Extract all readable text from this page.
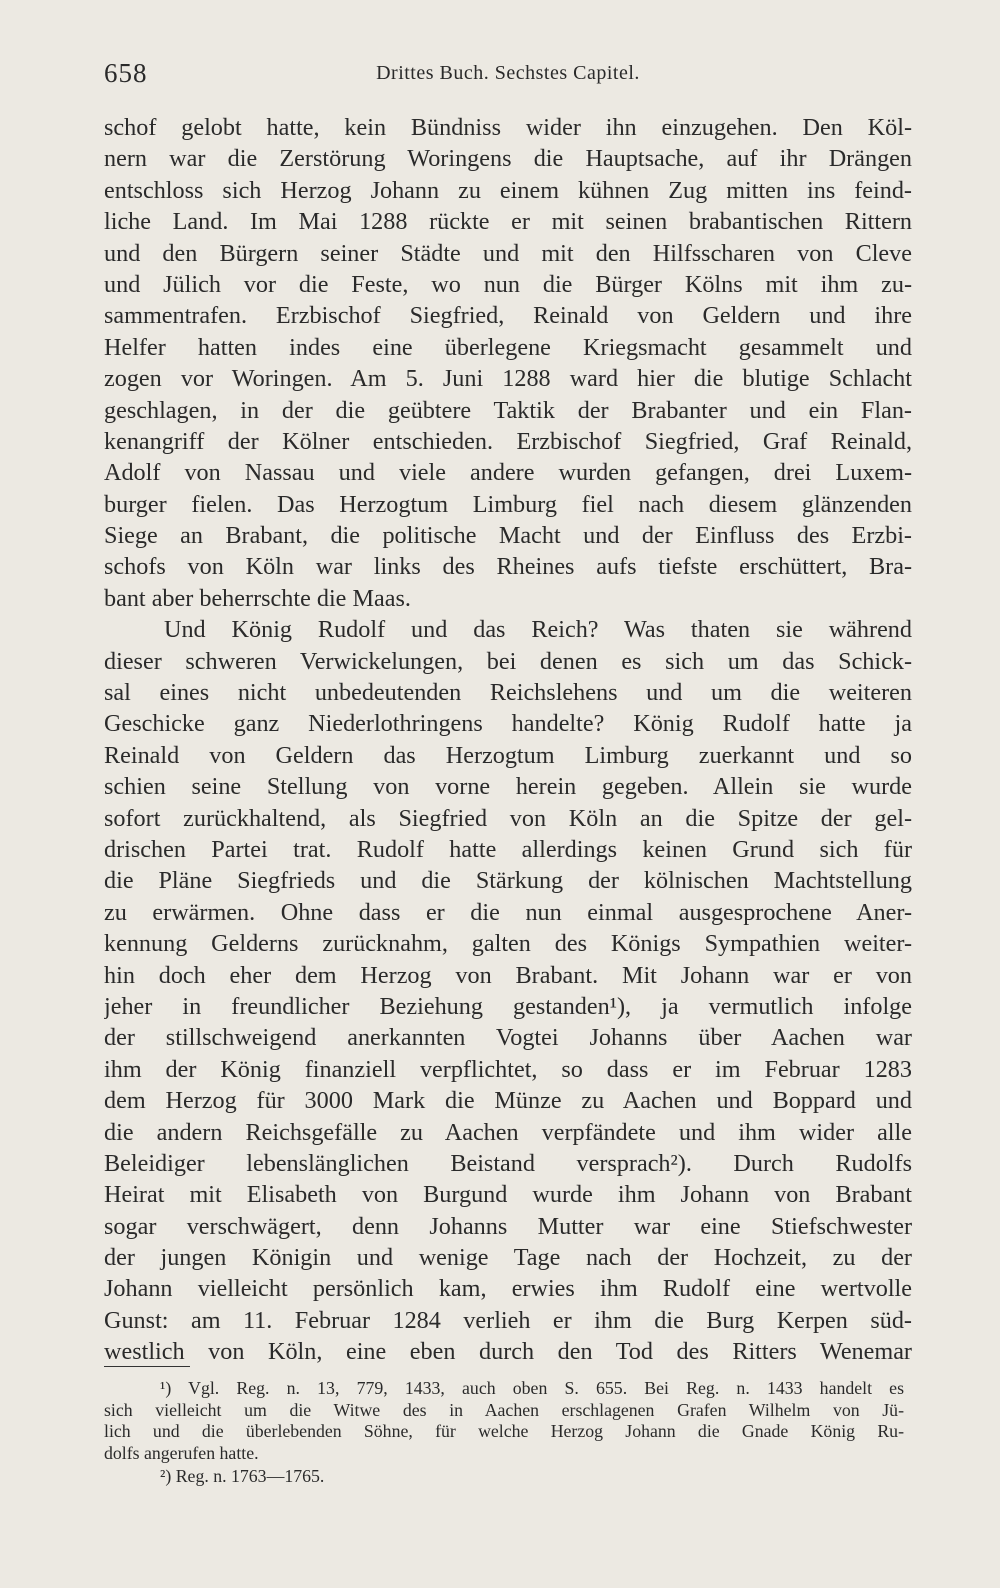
658	Drittes Buch. Sechstes Capitel.
schof gelobt hatte, kein Bündniss wider ihn einzugehen. Den Köl-
nern war die Zerstörung Woringens die Hauptsache, auf ihr Drängen
entschloss sich Herzog Johann zu einem kühnen Zug mitten ins feind-
liche Land. Im Mai 1288 rückte er mit seinen brabantischen Rittern
und den Bürgern seiner Städte und mit den Hilfsscharen von Cleve
und Jülich vor die Feste, wo nun die Bürger Kölns mit ihm zu-
sammentrafen. Erzbischof Siegfried, Reinald von Geldern und ihre
Helfer hatten indes eine überlegene Kriegsmacht gesammelt und
zogen vor Woringen. Am 5. Juni 1288 ward hier die blutige Schlacht
geschlagen, in der die geübtere Taktik der Brabanter und ein Flan-
kenangriff der Kölner entschieden. Erzbischof Siegfried, Graf Reinald,
Adolf von Nassau und viele andere wurden gefangen, drei Luxem-
burger fielen. Das Herzogtum Limburg fiel nach diesem glänzenden
Siege an Brabant, die politische Macht und der Einfluss des Erzbi-
schofs von Köln war links des Rheines aufs tiefste erschüttert, Bra-
bant aber beherrschte die Maas.
Und König Rudolf und das Reich? Was thaten sie während
dieser schweren Verwickelungen, bei denen es sich um das Schick-
sal eines nicht unbedeutenden Reichslehens und um die weiteren
Geschicke ganz Niederlothringens handelte? König Rudolf hatte ja
Reinald von Geldern das Herzogtum Limburg zuerkannt und so
schien seine Stellung von vorne herein gegeben. Allein sie wurde
sofort zurückhaltend, als Siegfried von Köln an die Spitze der gel-
drischen Partei trat. Rudolf hatte allerdings keinen Grund sich für
die Pläne Siegfrieds und die Stärkung der kölnischen Machtstellung
zu erwärmen. Ohne dass er die nun einmal ausgesprochene Aner-
kennung Gelderns zurücknahm, galten des Königs Sympathien weiter-
hin doch eher dem Herzog von Brabant. Mit Johann war er von
jeher in freundlicher Beziehung gestanden¹), ja vermutlich infolge
der stillschweigend anerkannten Vogtei Johanns über Aachen war
ihm der König finanziell verpflichtet, so dass er im Februar 1283
dem Herzog für 3000 Mark die Münze zu Aachen und Boppard und
die andern Reichsgefälle zu Aachen verpfändete und ihm wider alle
Beleidiger lebenslänglichen Beistand versprach²). Durch Rudolfs
Heirat mit Elisabeth von Burgund wurde ihm Johann von Brabant
sogar verschwägert, denn Johanns Mutter war eine Stiefschwester
der jungen Königin und wenige Tage nach der Hochzeit, zu der
Johann vielleicht persönlich kam, erwies ihm Rudolf eine wertvolle
Gunst: am 11. Februar 1284 verlieh er ihm die Burg Kerpen süd-
westlich von Köln, eine eben durch den Tod des Ritters Wenemar
¹) Vgl. Reg. n. 13, 779, 1433, auch oben S. 655. Bei Reg. n. 1433 handelt es
sich vielleicht um die Witwe des in Aachen erschlagenen Grafen Wilhelm von Jü-
lich und die überlebenden Söhne, für welche Herzog Johann die Gnade König Ru-
dolfs angerufen hatte.
²) Reg. n. 1763—1765.
